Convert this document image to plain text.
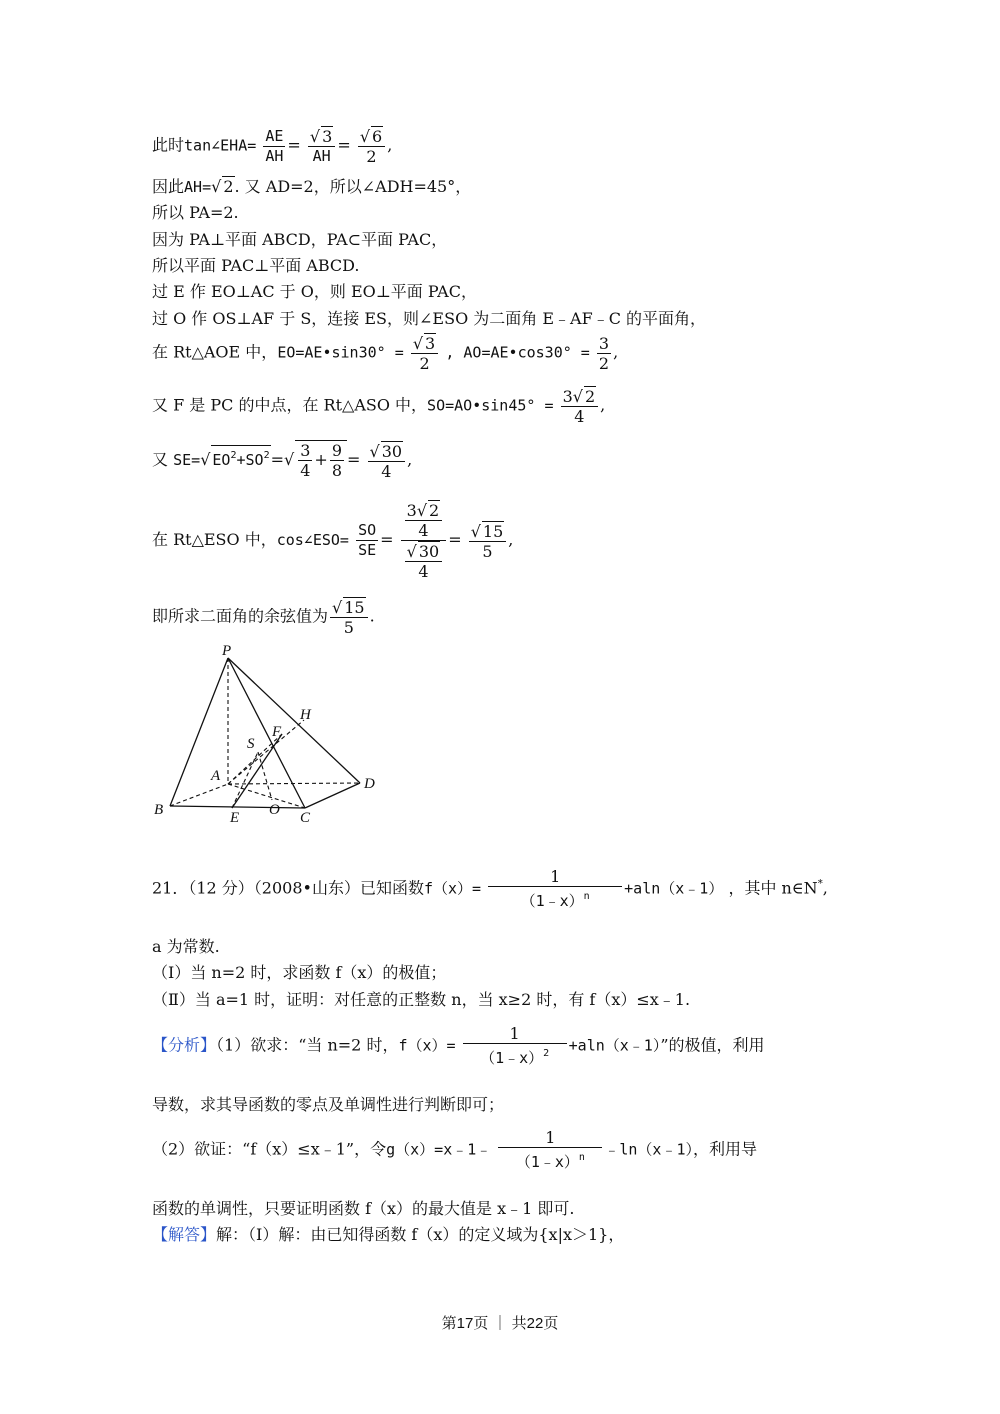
此时tan∠EHA= $\frac{AE}{AH} = \frac{√ 3}{AH} = \frac{√ 6}{2}$ ,
因此AH=√ 2. 又 AD=2，所以∠ADH=45°，
所以 PA=2.
因为 PA⊥平面 ABCD，PA⊂平面 PAC，
所以平面 PAC⊥平面 ABCD.
过 E 作 EO⊥AC 于 O，则 EO⊥平面 PAC，
过 O 作 OS⊥AF 于 S，连接 ES，则∠ESO 为二面角 E﹣AF﹣C 的平面角，
在 Rt△AOE 中，EO=AE•sin30° = $\frac{√ 3}{2}$ , AO=AE•cos30° = $\frac{3}{2}$ ,
又 F 是 PC 的中点，在 Rt△ASO 中，SO=AO•sin45° = $\frac{3√ 2}{4}$ ,
又 SE=√ $EO^2+SO^2=√ \frac{3}{4} + \frac{9}{8} = \frac{√ 30}{4}$ ,
在 Rt△ESO 中，cos∠ESO= $\frac{SO}{SE} = \frac{\frac{3√ 2}{4}}{\frac{√ 30}{4}} = \frac{√ 15}{5}$ ,
即所求二面角的余弦值为 $\frac{√ 15}{5}$ .
P
H
F
S
A	D
B	E O C
21．（12 分）（2008•山东）已知函数$f(x)= \frac{1}{(1﹣x)^n}$ +aln（x﹣1） ，其中 n∈N*,
a 为常数.
（Ⅰ）当 n=2 时，求函数 f（x）的极值；
（Ⅱ）当 a=1 时，证明：对任意的正整数 n，当 x≥2 时，有 f（x）≤x﹣1.
【分析】（1）欲求：“当 n=2 时，$f(x)= \frac{1}{(1﹣x)^2}$ +aln（x﹣1）”的极值，利用
导数，求其导函数的零点及单调性进行判断即可；
（2）欲证：“f（x）≤x﹣1”，令g（x）=x﹣1﹣ $\frac{1}{(1﹣x)^n}$ ﹣ln（x﹣1），利用导
函数的单调性，只要证明函数 f（x）的最大值是 x﹣1 即可.
【解答】解：（Ⅰ）解：由已知得函数 f（x）的定义域为{x|x＞1}，
第17页 ｜ 共22页
